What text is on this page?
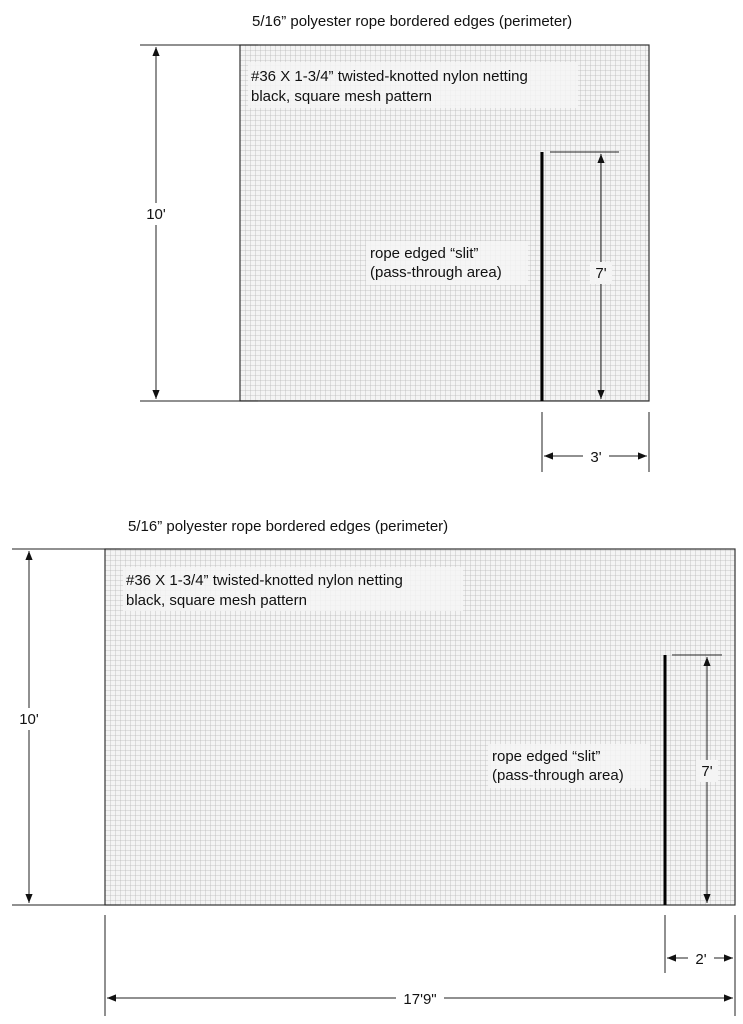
5/16” polyester rope bordered edges (perimeter)
#36 X 1-3/4” twisted-knotted nylon netting
black, square mesh pattern
rope edged “slit”
(pass-through area)
10'
7'
3'
5/16” polyester rope bordered edges (perimeter)
#36 X 1-3/4” twisted-knotted nylon netting
black, square mesh pattern
rope edged “slit”
(pass-through area)
10'
7'
2'
17'9"
